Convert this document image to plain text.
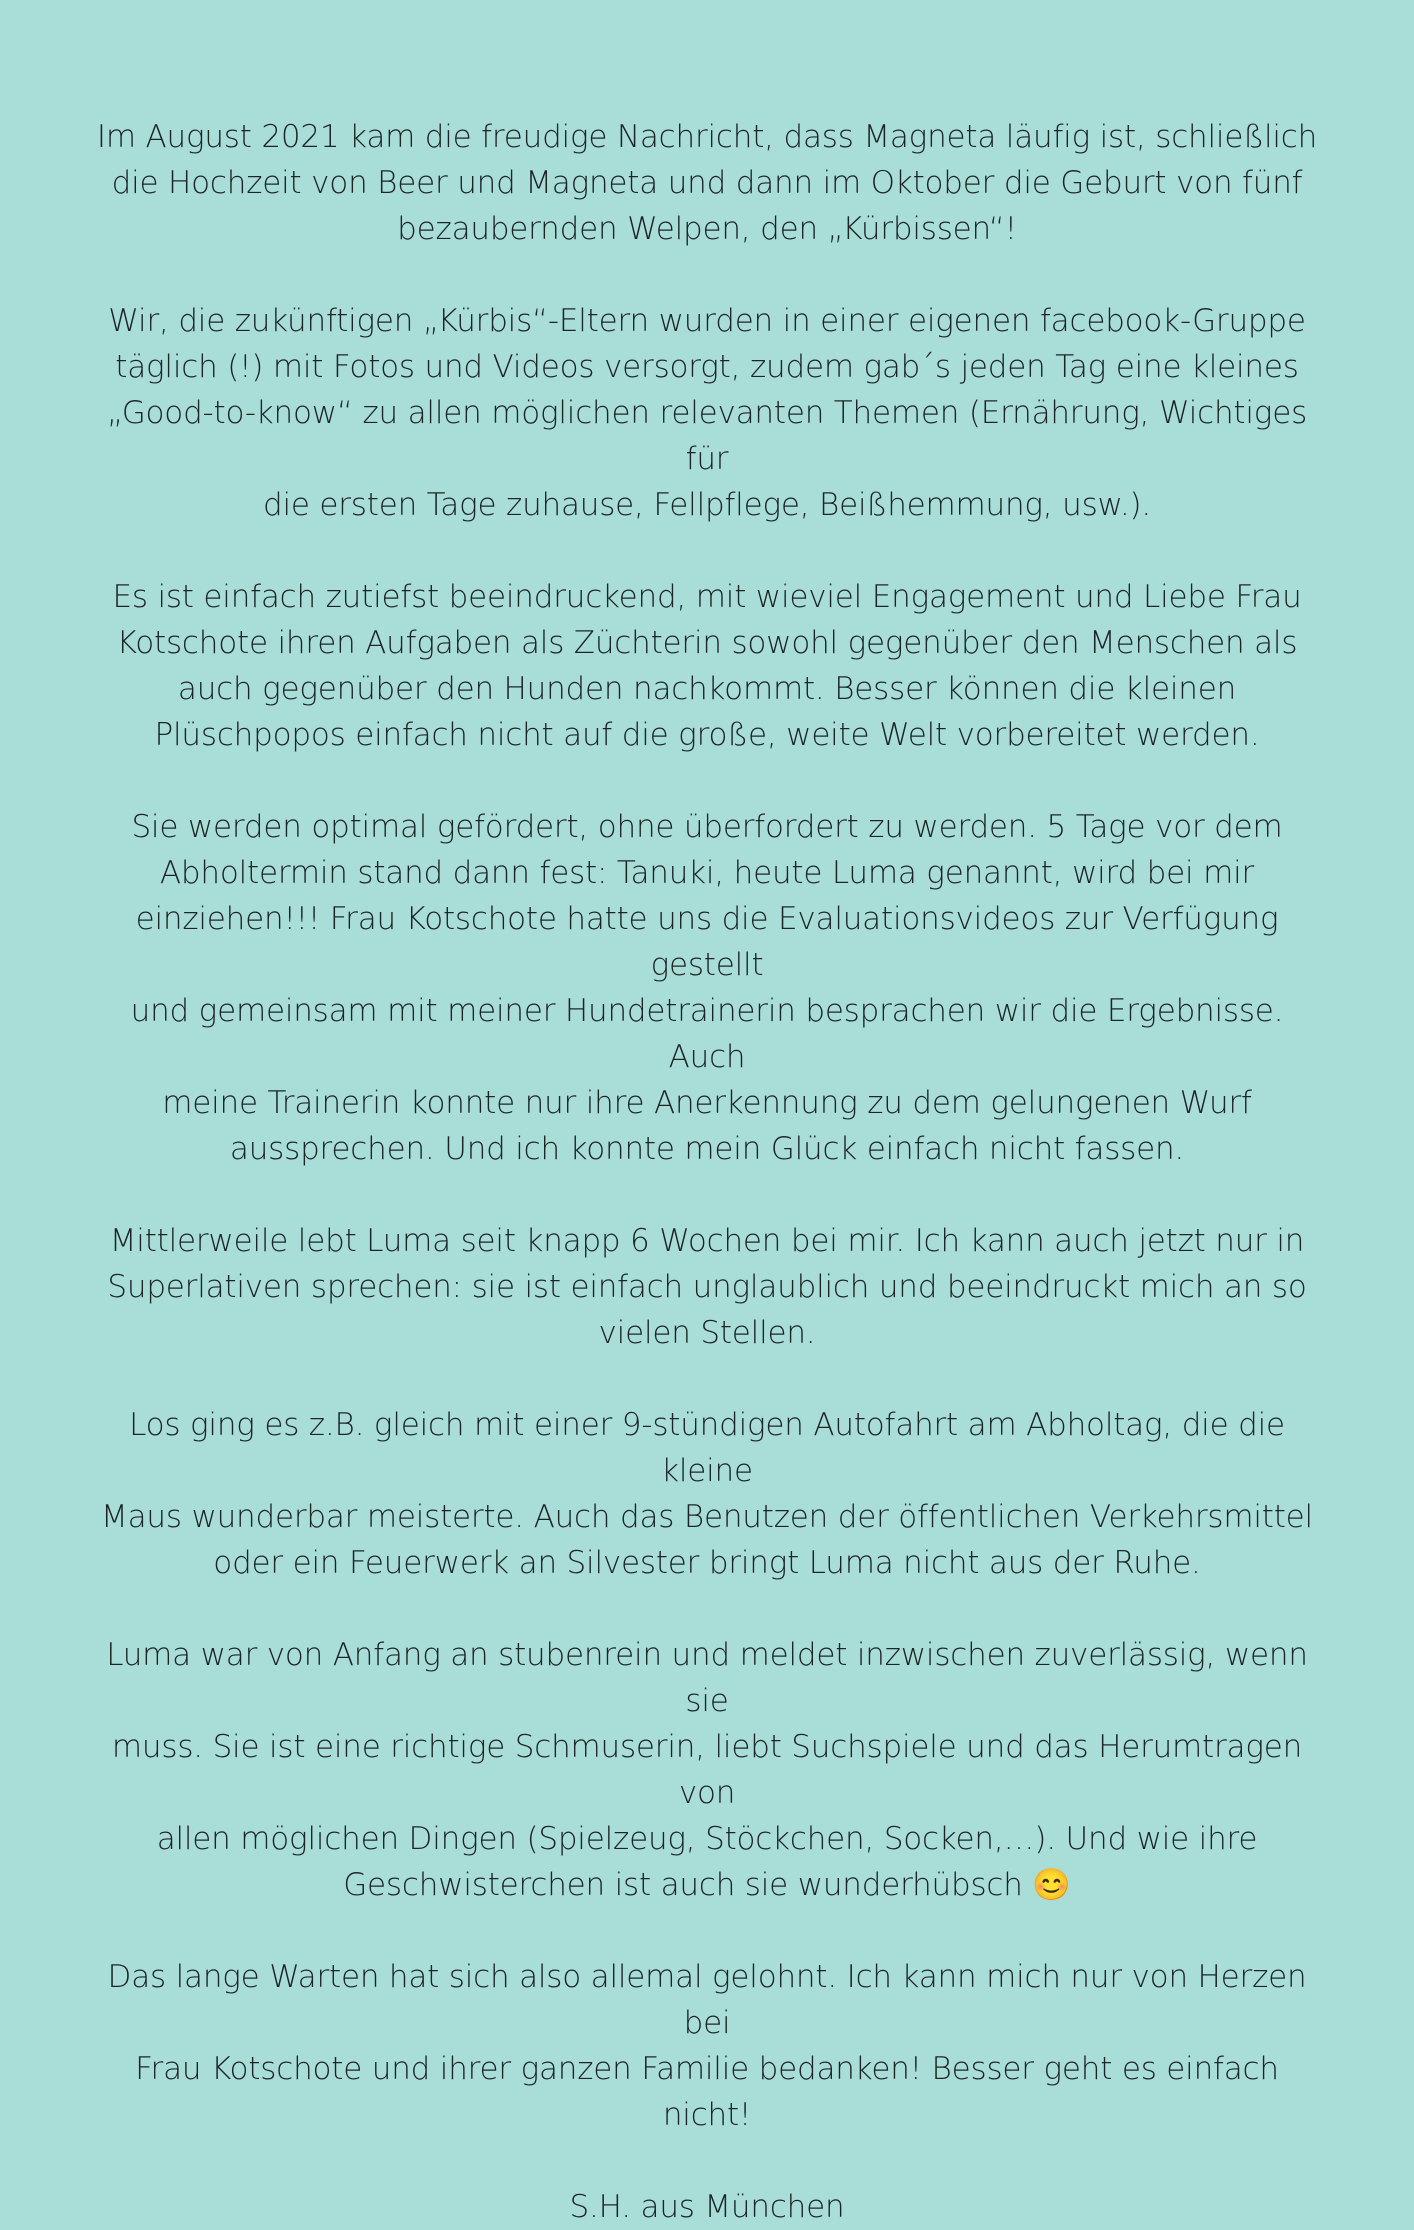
Im August 2021 kam die freudige Nachricht, dass Magneta läufig ist, schließlich
die Hochzeit von Beer und Magneta und dann im Oktober die Geburt von fünf
bezaubernden Welpen, den „Kürbissen“!

Wir, die zukünftigen „Kürbis“-Eltern wurden in einer eigenen facebook-Gruppe
täglich (!) mit Fotos und Videos versorgt, zudem gab´s jeden Tag eine kleines
„Good-to-know“ zu allen möglichen relevanten Themen (Ernährung, Wichtiges für
die ersten Tage zuhause, Fellpflege, Beißhemmung, usw.).

Es ist einfach zutiefst beeindruckend, mit wieviel Engagement und Liebe Frau
Kotschote ihren Aufgaben als Züchterin sowohl gegenüber den Menschen als
auch gegenüber den Hunden nachkommt. Besser können die kleinen
Plüschpopos einfach nicht auf die große, weite Welt vorbereitet werden.

Sie werden optimal gefördert, ohne überfordert zu werden. 5 Tage vor dem
Abholtermin stand dann fest: Tanuki, heute Luma genannt, wird bei mir
einziehen!!! Frau Kotschote hatte uns die Evaluationsvideos zur Verfügung gestellt
und gemeinsam mit meiner Hundetrainerin besprachen wir die Ergebnisse. Auch
meine Trainerin konnte nur ihre Anerkennung zu dem gelungenen Wurf
aussprechen. Und ich konnte mein Glück einfach nicht fassen.

Mittlerweile lebt Luma seit knapp 6 Wochen bei mir. Ich kann auch jetzt nur in
Superlativen sprechen: sie ist einfach unglaublich und beeindruckt mich an so
vielen Stellen.

Los ging es z.B. gleich mit einer 9-stündigen Autofahrt am Abholtag, die die kleine
Maus wunderbar meisterte. Auch das Benutzen der öffentlichen Verkehrsmittel
oder ein Feuerwerk an Silvester bringt Luma nicht aus der Ruhe.

Luma war von Anfang an stubenrein und meldet inzwischen zuverlässig, wenn sie
muss. Sie ist eine richtige Schmuserin, liebt Suchspiele und das Herumtragen von
allen möglichen Dingen (Spielzeug, Stöckchen, Socken,…). Und wie ihre
Geschwisterchen ist auch sie wunderhübsch 😊

Das lange Warten hat sich also allemal gelohnt. Ich kann mich nur von Herzen bei
Frau Kotschote und ihrer ganzen Familie bedanken! Besser geht es einfach nicht!

S.H. aus München
